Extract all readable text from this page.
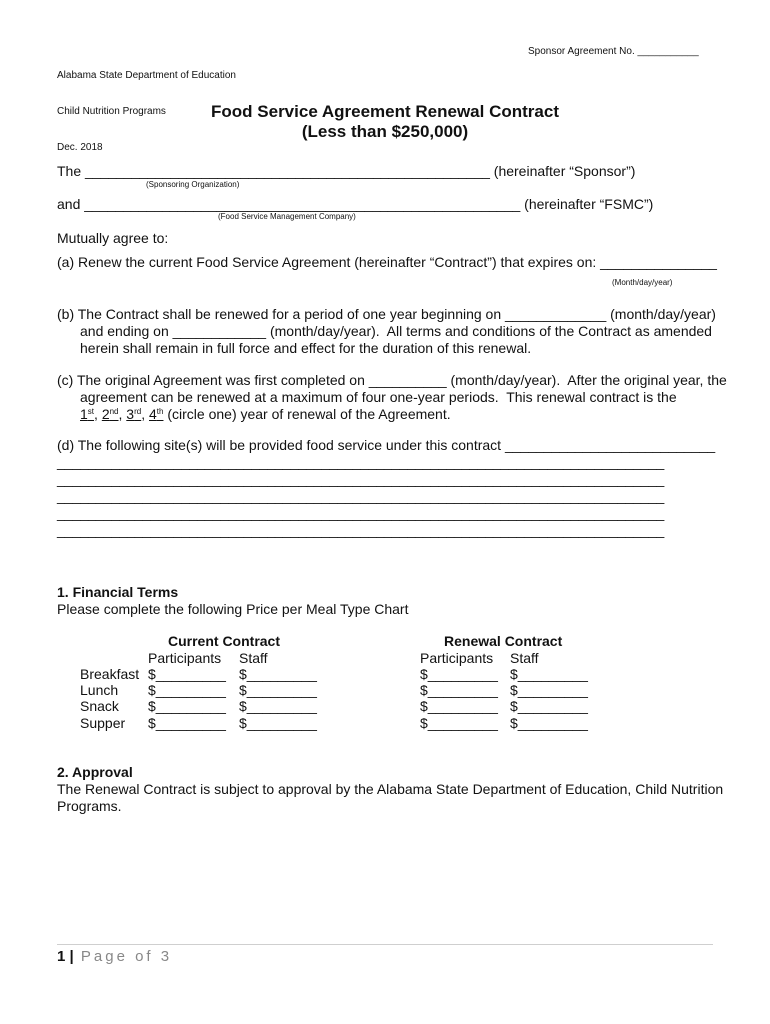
Alabama State Department of Education

Child Nutrition Programs

Dec. 2018

Sponsor Agreement No. ___________
Food Service Agreement Renewal Contract
(Less than $250,000)
The ____________________________________________________ (hereinafter “Sponsor”)
(Sponsoring Organization)
and ________________________________________________________ (hereinafter “FSMC”)
(Food Service Management Company)
Mutually agree to:
(a) Renew the current Food Service Agreement (hereinafter “Contract”) that expires on: _______________
(Month/day/year)
(b) The Contract shall be renewed for a period of one year beginning on _____________ (month/day/year)
and ending on ____________ (month/day/year).  All terms and conditions of the Contract as amended
herein shall remain in full force and effect for the duration of this renewal.
(c) The original Agreement was first completed on __________ (month/day/year).  After the original year, the
agreement can be renewed at a maximum of four one-year periods.  This renewal contract is the
1st, 2nd, 3rd, 4th (circle one) year of renewal of the Agreement.
(d) The following site(s) will be provided food service under this contract ___________________________
______________________________________________________________________________
______________________________________________________________________________
______________________________________________________________________________
______________________________________________________________________________
______________________________________________________________________________
1. Financial Terms
Please complete the following Price per Meal Type Chart
Current Contract	Renewal Contract
Participants Staff	Participants Staff
Breakfast $_________ $_________	$_________ $_________
Lunch $_________ $_________	$_________ $_________
Snack $_________ $_________	$_________ $_________
Supper $_________ $_________	$_________ $_________
2. Approval
The Renewal Contract is subject to approval by the Alabama State Department of Education, Child Nutrition
Programs.
1 | Page of 3
